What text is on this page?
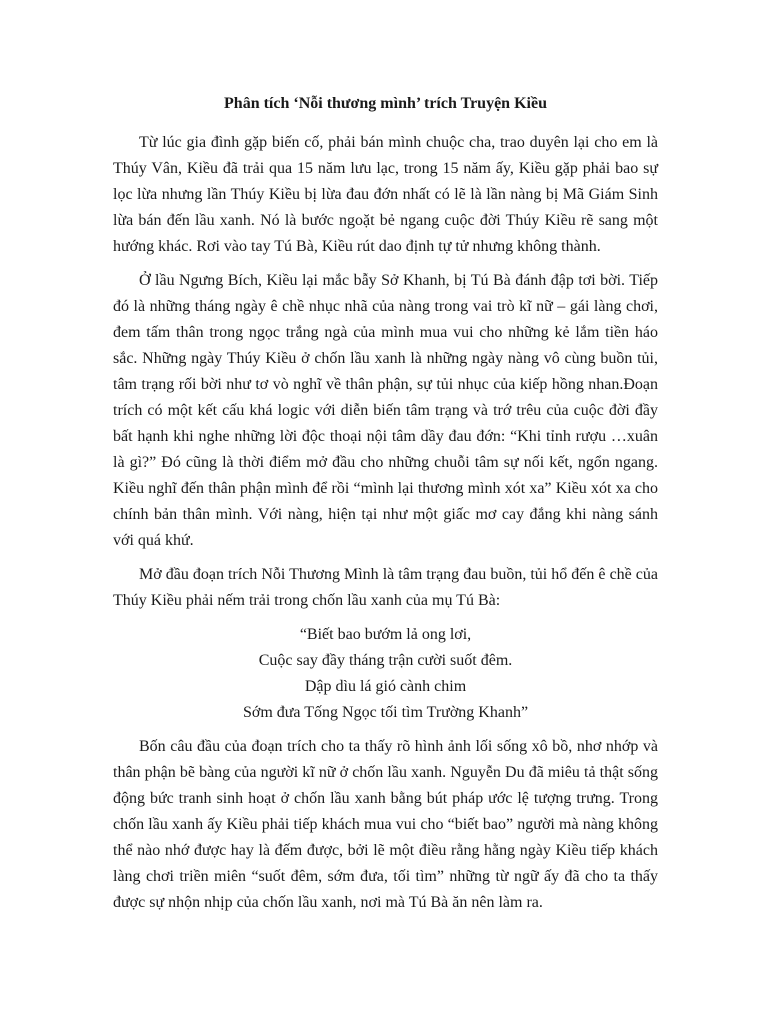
Phân tích ‘Nỗi thương mình’ trích Truyện Kiều

Từ lúc gia đình gặp biến cố, phải bán mình chuộc cha, trao duyên lại cho em là Thúy Vân, Kiều đã trải qua 15 năm lưu lạc, trong 15 năm ấy, Kiều gặp phải bao sự lọc lừa nhưng lần Thúy Kiều bị lừa đau đớn nhất có lẽ là lần nàng bị Mã Giám Sinh lừa bán đến lầu xanh. Nó là bước ngoặt bẻ ngang cuộc đời Thúy Kiều rẽ sang một hướng khác. Rơi vào tay Tú Bà, Kiều rút dao định tự tử nhưng không thành.

Ở lầu Ngưng Bích, Kiều lại mắc bẫy Sở Khanh, bị Tú Bà đánh đập tơi bời. Tiếp đó là những tháng ngày ê chề nhục nhã của nàng trong vai trò kĩ nữ – gái làng chơi, đem tấm thân trong ngọc trắng ngà của mình mua vui cho những kẻ lắm tiền háo sắc. Những ngày Thúy Kiều ở chốn lầu xanh là những ngày nàng vô cùng buồn tủi, tâm trạng rối bời như tơ vò nghĩ về thân phận, sự tủi nhục của kiếp hồng nhan.Đoạn trích có một kết cấu khá logic với diễn biến tâm trạng và trớ trêu của cuộc đời đầy bất hạnh khi nghe những lời độc thoại nội tâm dầy đau đớn: “Khi tỉnh rượu …xuân là gì?” Đó cũng là thời điểm mở đầu cho những chuỗi tâm sự nối kết, ngổn ngang. Kiều nghĩ đến thân phận mình để rồi “mình lại thương mình xót xa” Kiều xót xa cho chính bản thân mình. Với nàng, hiện tại như một giấc mơ cay đắng khi nàng sánh với quá khứ.

Mở đầu đoạn trích Nỗi Thương Mình là tâm trạng đau buồn, tủi hổ đến ê chề của Thúy Kiều phải nếm trải trong chốn lầu xanh của mụ Tú Bà:

“Biết bao bướm lả ong lơi,
Cuộc say đầy tháng trận cười suốt đêm.
Dập dìu lá gió cành chim
Sớm đưa Tống Ngọc tối tìm Trường Khanh”

Bốn câu đầu của đoạn trích cho ta thấy rõ hình ảnh lối sống xô bồ, nhơ nhớp và thân phận bẽ bàng của người kĩ nữ ở chốn lầu xanh. Nguyễn Du đã miêu tả thật sống động bức tranh sinh hoạt ở chốn lầu xanh bằng bút pháp ước lệ tượng trưng. Trong chốn lầu xanh ấy Kiều phải tiếp khách mua vui cho “biết bao” người mà nàng không thể nào nhớ được hay là đếm được, bởi lẽ một điều rằng hằng ngày Kiều tiếp khách làng chơi triền miên “suốt đêm, sớm đưa, tối tìm” những từ ngữ ấy đã cho ta thấy được sự nhộn nhịp của chốn lầu xanh, nơi mà Tú Bà ăn nên làm ra.
